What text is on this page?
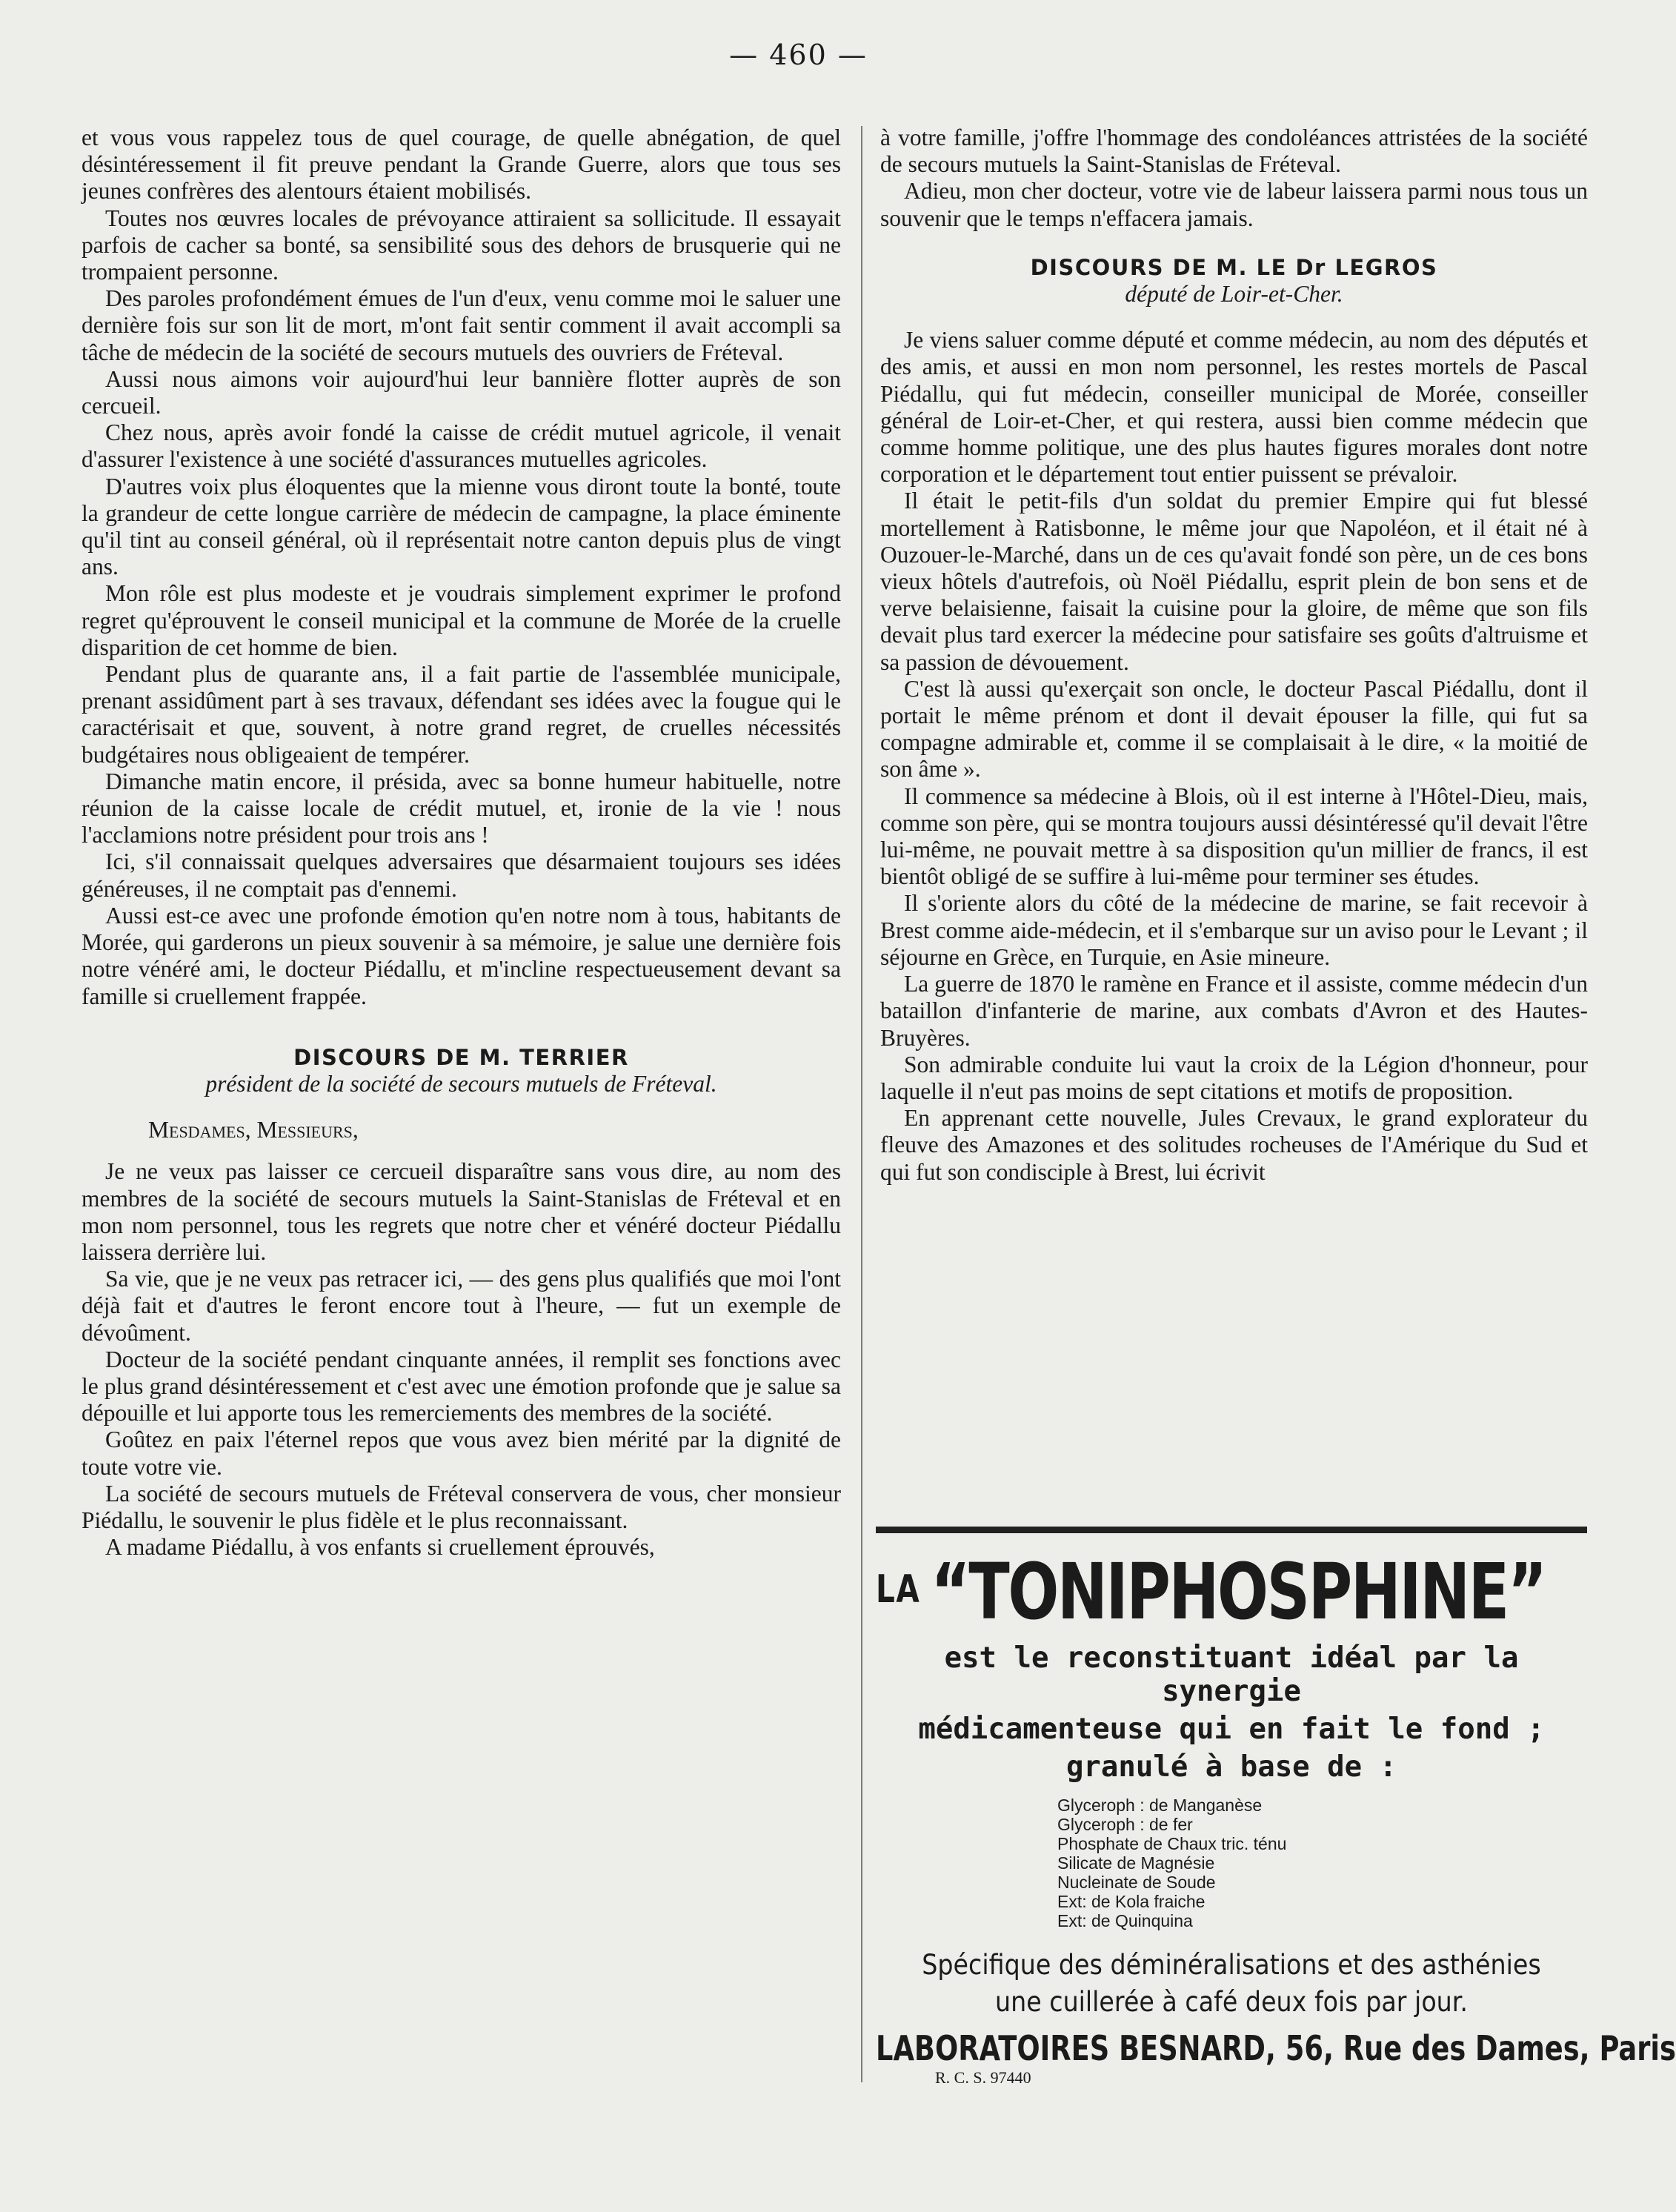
— 460 —

et vous vous rappelez tous de quel courage, de quelle abnégation, de quel désintéressement il fit preuve pendant la Grande Guerre, alors que tous ses jeunes confrères des alentours étaient mobilisés.

Toutes nos œuvres locales de prévoyance attiraient sa sollicitude. Il essayait parfois de cacher sa bonté, sa sensibilité sous des dehors de brusquerie qui ne trompaient personne.

Des paroles profondément émues de l'un d'eux, venu comme moi le saluer une dernière fois sur son lit de mort, m'ont fait sentir comment il avait accompli sa tâche de médecin de la société de secours mutuels des ouvriers de Fréteval.

Aussi nous aimons voir aujourd'hui leur bannière flotter auprès de son cercueil.

Chez nous, après avoir fondé la caisse de crédit mutuel agricole, il venait d'assurer l'existence à une société d'assurances mutuelles agricoles.

D'autres voix plus éloquentes que la mienne vous diront toute la bonté, toute la grandeur de cette longue carrière de médecin de campagne, la place éminente qu'il tint au conseil général, où il représentait notre canton depuis plus de vingt ans.

Mon rôle est plus modeste et je voudrais simplement exprimer le profond regret qu'éprouvent le conseil municipal et la commune de Morée de la cruelle disparition de cet homme de bien.

Pendant plus de quarante ans, il a fait partie de l'assemblée municipale, prenant assidûment part à ses travaux, défendant ses idées avec la fougue qui le caractérisait et que, souvent, à notre grand regret, de cruelles nécessités budgétaires nous obligeaient de tempérer.

Dimanche matin encore, il présida, avec sa bonne humeur habituelle, notre réunion de la caisse locale de crédit mutuel, et, ironie de la vie ! nous l'acclamions notre président pour trois ans !

Ici, s'il connaissait quelques adversaires que désarmaient toujours ses idées généreuses, il ne comptait pas d'ennemi.

Aussi est-ce avec une profonde émotion qu'en notre nom à tous, habitants de Morée, qui garderons un pieux souvenir à sa mémoire, je salue une dernière fois notre vénéré ami, le docteur Piédallu, et m'incline respectueusement devant sa famille si cruellement frappée.

DISCOURS DE M. TERRIER

président de la société de secours mutuels de Fréteval.

Mesdames, Messieurs,

Je ne veux pas laisser ce cercueil disparaître sans vous dire, au nom des membres de la société de secours mutuels la Saint-Stanislas de Fréteval et en mon nom personnel, tous les regrets que notre cher et vénéré docteur Piédallu laissera derrière lui.

Sa vie, que je ne veux pas retracer ici, — des gens plus qualifiés que moi l'ont déjà fait et d'autres le feront encore tout à l'heure, — fut un exemple de dévoûment.

Docteur de la société pendant cinquante années, il remplit ses fonctions avec le plus grand désintéressement et c'est avec une émotion profonde que je salue sa dépouille et lui apporte tous les remerciements des membres de la société.

Goûtez en paix l'éternel repos que vous avez bien mérité par la dignité de toute votre vie.

La société de secours mutuels de Fréteval conservera de vous, cher monsieur Piédallu, le souvenir le plus fidèle et le plus reconnaissant.

A madame Piédallu, à vos enfants si cruellement éprouvés,

à votre famille, j'offre l'hommage des condoléances attristées de la société de secours mutuels la Saint-Stanislas de Fréteval.

Adieu, mon cher docteur, votre vie de labeur laissera parmi nous tous un souvenir que le temps n'effacera jamais.

DISCOURS DE M. LE Dr LEGROS

député de Loir-et-Cher.

Je viens saluer comme député et comme médecin, au nom des députés et des amis, et aussi en mon nom personnel, les restes mortels de Pascal Piédallu, qui fut médecin, conseiller municipal de Morée, conseiller général de Loir-et-Cher, et qui restera, aussi bien comme médecin que comme homme politique, une des plus hautes figures morales dont notre corporation et le département tout entier puissent se prévaloir.

Il était le petit-fils d'un soldat du premier Empire qui fut blessé mortellement à Ratisbonne, le même jour que Napoléon, et il était né à Ouzouer-le-Marché, dans un de ces qu'avait fondé son père, un de ces bons vieux hôtels d'autrefois, où Noël Piédallu, esprit plein de bon sens et de verve belaisienne, faisait la cuisine pour la gloire, de même que son fils devait plus tard exercer la médecine pour satisfaire ses goûts d'altruisme et sa passion de dévouement.

C'est là aussi qu'exerçait son oncle, le docteur Pascal Piédallu, dont il portait le même prénom et dont il devait épouser la fille, qui fut sa compagne admirable et, comme il se complaisait à le dire, « la moitié de son âme ».

Il commence sa médecine à Blois, où il est interne à l'Hôtel-Dieu, mais, comme son père, qui se montra toujours aussi désintéressé qu'il devait l'être lui-même, ne pouvait mettre à sa disposition qu'un millier de francs, il est bientôt obligé de se suffire à lui-même pour terminer ses études.

Il s'oriente alors du côté de la médecine de marine, se fait recevoir à Brest comme aide-médecin, et il s'embarque sur un aviso pour le Levant ; il séjourne en Grèce, en Turquie, en Asie mineure.

La guerre de 1870 le ramène en France et il assiste, comme médecin d'un bataillon d'infanterie de marine, aux combats d'Avron et des Hautes-Bruyères.

Son admirable conduite lui vaut la croix de la Légion d'honneur, pour laquelle il n'eut pas moins de sept citations et motifs de proposition.

En apprenant cette nouvelle, Jules Crevaux, le grand explorateur du fleuve des Amazones et des solitudes rocheuses de l'Amérique du Sud et qui fut son condisciple à Brest, lui écrivit

$^{LA}$ “TONIPHOSPHINE”
est le reconstituant idéal par la synergie
médicamenteuse qui en fait le fond ;
granulé à base de :
Glyceroph : de Manganèse
Glyceroph : de fer
Phosphate de Chaux tric. ténu
Silicate de Magnésie
Nucleinate de Soude
Ext: de Kola fraiche
Ext: de Quinquina
Spécifique des déminéralisations et des asthénies
une cuillerée à café deux fois par jour.
LABORATOIRES BESNARD, 56, Rue des Dames, Paris
R. C. S. 97440
